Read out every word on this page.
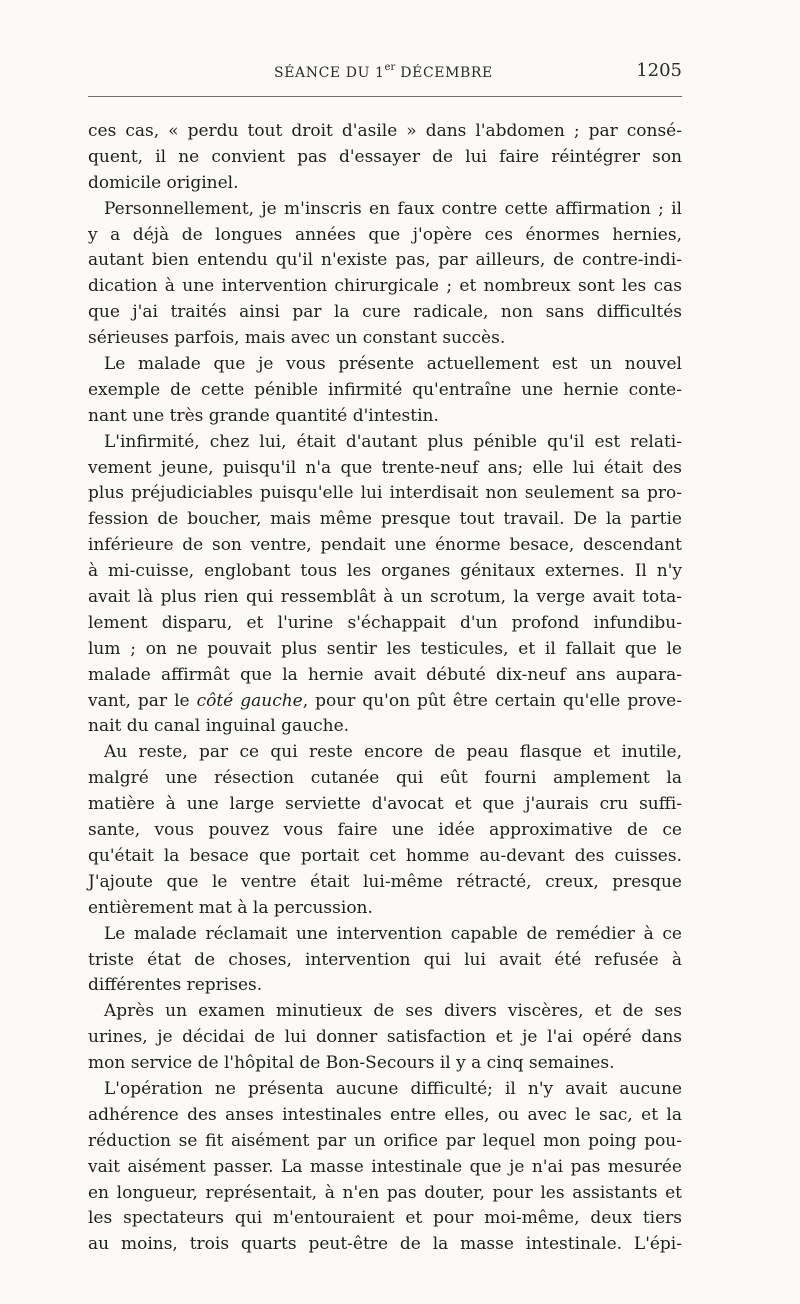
SÉANCE DU 1er DÉCEMBRE	1205
ces cas, « perdu tout droit d'asile » dans l'abdomen ; par consé-
quent, il ne convient pas d'essayer de lui faire réintégrer son
domicile originel.
Personnellement, je m'inscris en faux contre cette affirmation ; il
y a déjà de longues années que j'opère ces énormes hernies,
autant bien entendu qu'il n'existe pas, par ailleurs, de contre-indi-
dication à une intervention chirurgicale ; et nombreux sont les cas
que j'ai traités ainsi par la cure radicale, non sans difficultés
sérieuses parfois, mais avec un constant succès.
Le malade que je vous présente actuellement est un nouvel
exemple de cette pénible infirmité qu'entraîne une hernie conte-
nant une très grande quantité d'intestin.
L'infirmité, chez lui, était d'autant plus pénible qu'il est relati-
vement jeune, puisqu'il n'a que trente-neuf ans; elle lui était des
plus préjudiciables puisqu'elle lui interdisait non seulement sa pro-
fession de boucher, mais même presque tout travail. De la partie
inférieure de son ventre, pendait une énorme besace, descendant
à mi-cuisse, englobant tous les organes génitaux externes. Il n'y
avait là plus rien qui ressemblât à un scrotum, la verge avait tota-
lement disparu, et l'urine s'échappait d'un profond infundibu-
lum ; on ne pouvait plus sentir les testicules, et il fallait que le
malade affirmât que la hernie avait débuté dix-neuf ans aupara-
vant, par le côté gauche, pour qu'on pût être certain qu'elle prove-
nait du canal inguinal gauche.
Au reste, par ce qui reste encore de peau flasque et inutile,
malgré une résection cutanée qui eût fourni amplement la
matière à une large serviette d'avocat et que j'aurais cru suffi-
sante, vous pouvez vous faire une idée approximative de ce
qu'était la besace que portait cet homme au-devant des cuisses.
J'ajoute que le ventre était lui-même rétracté, creux, presque
entièrement mat à la percussion.
Le malade réclamait une intervention capable de remédier à ce
triste état de choses, intervention qui lui avait été refusée à
différentes reprises.
Après un examen minutieux de ses divers viscères, et de ses
urines, je décidai de lui donner satisfaction et je l'ai opéré dans
mon service de l'hôpital de Bon-Secours il y a cinq semaines.
L'opération ne présenta aucune difficulté; il n'y avait aucune
adhérence des anses intestinales entre elles, ou avec le sac, et la
réduction se fit aisément par un orifice par lequel mon poing pou-
vait aisément passer. La masse intestinale que je n'ai pas mesurée
en longueur, représentait, à n'en pas douter, pour les assistants et
les spectateurs qui m'entouraient et pour moi-même, deux tiers
au moins, trois quarts peut-être de la masse intestinale. L'épi-
